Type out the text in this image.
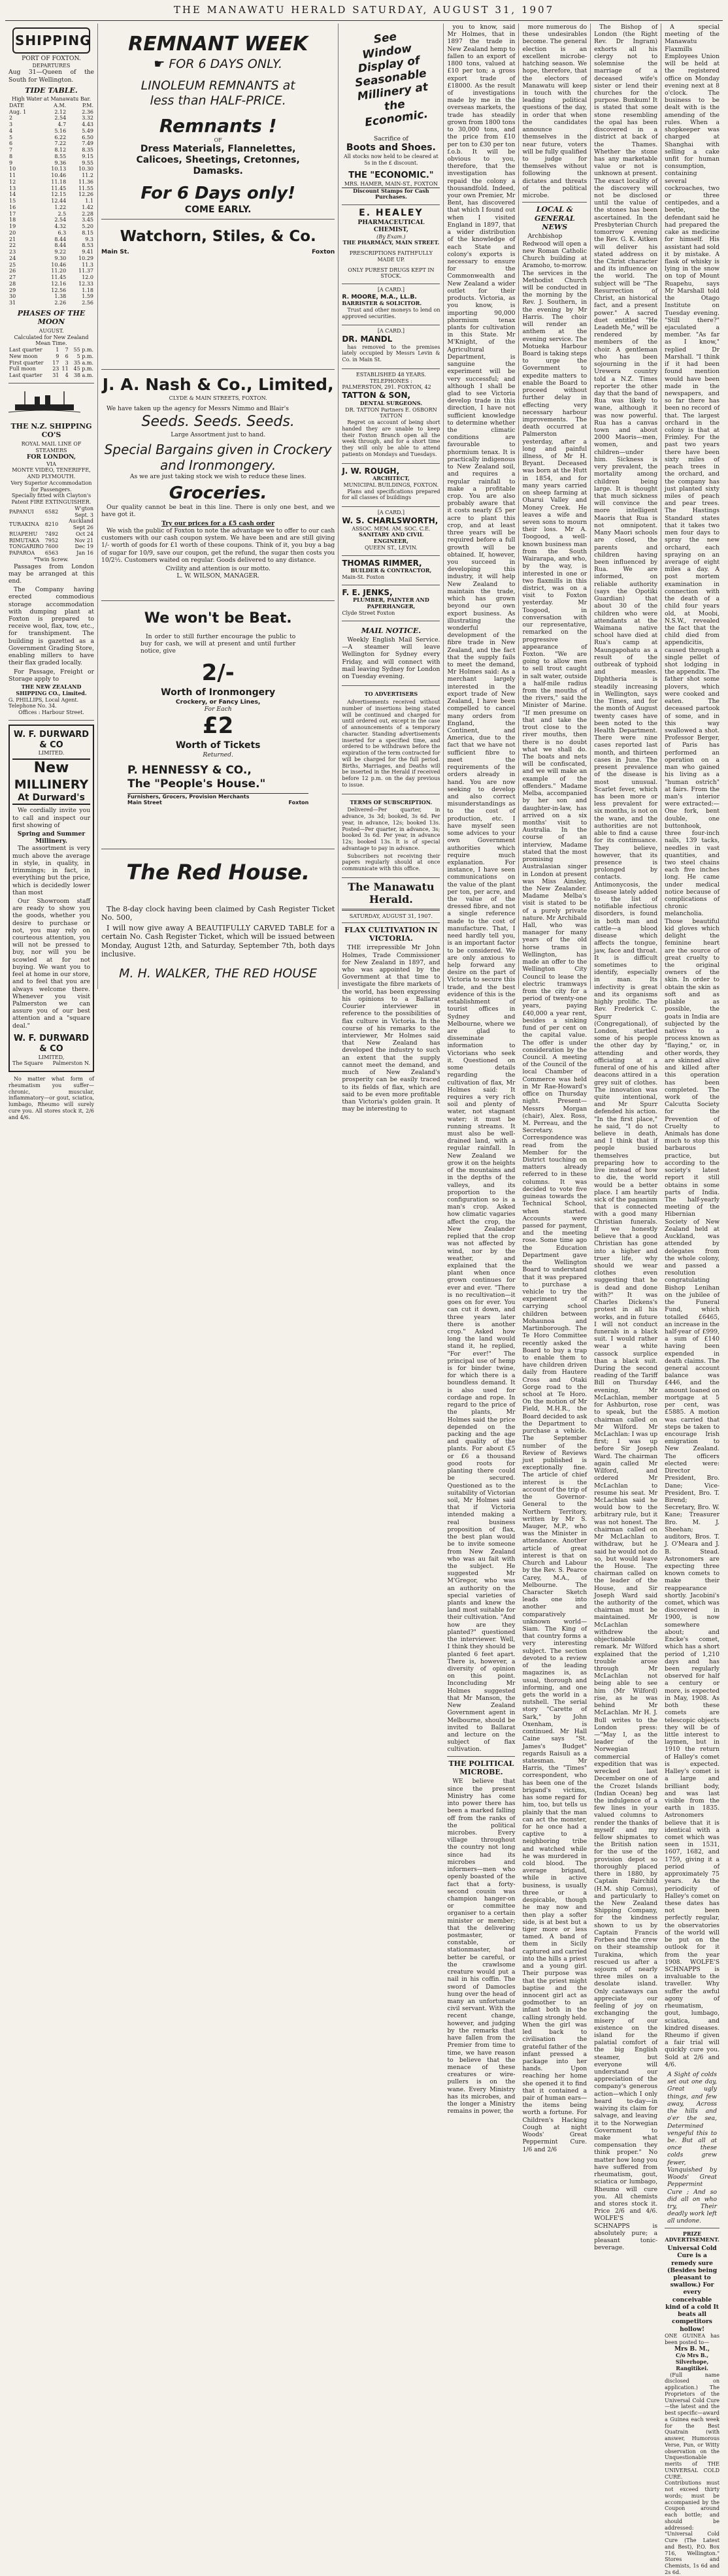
THE MANAWATU HERALD SATURDAY, AUGUST 31, 1907
SHIPPING
PORT OF FOXTON.
DEPARTURES
Aug 31—Queen of the South for Wellington.
TIDE TABLE.
High Water at Manawatu Bar.
DATE	A.M.	P.M.
Aug. 1	2.12	2.36
2	2.54	3.32
3	4.7	4.43
4	5.16	5.49
5	6.22	6.50
6	7.22	7.49
7	8.12	8.35
8	8.55	9.15
9	9.36	9.55
10	10.13	10.30
11	10.46	11.2
12	11.18	11.36
13	11.45	11.55
14	12.15	12.26
15	12.44	1.1
16	1.22	1.42
17	2.5	2.28
18	2.54	3.45
19	4.32	5.20
20	6.3	8.15
21	8.44	9.3
22	8.44	8.53
23	9.22	9.41
24	9.30	10.29
25	10.46	11.3
26	11.20	11.37
27	11.45	12.0
28	12.16	12.33
29	12.56	1.18
30	1.38	1.59
31	2.26	2.56
PHASES OF THE MOON
AUGUST.
Calculated for New Zealand Mean Time.
Last quarter	1	7	55 p.m.
New moon	9	6	5 p.m.
First quarter	17	3	35 a.m.
Full moon	23	11	45 p.m.
Last quarter	31	4	38 a.m.
THE N.Z. SHIPPING CO'S
ROYAL MAIL LINE OF STEAMERS
FOR LONDON,
VIA
MONTE VIDEO, TENERIFFE, AND PLYMOUTH.
Very Superior Accommodation for Passengers.
Specially fitted with Clayton's Patent FIRE EXTINGUISHER.
PAPANUI	6582	W'gton Sept. 3
TURAKINA	8210	Auckland Sept 26
RUAPEHU	7492	Oct 24
RIMUTAKA	7952	Nov 21
TONGARIRO	7600	Dec 19
PAPAROA	6563	Jan 16
*Twin Screw.

Passages from London may be arranged at this end.

The Company having erected commodious storage accommodation with dumping plant at Foxton is prepared to receive wool, flax, tow, etc., for transhipment. The building is gazetted as a Government Grading Store, enabling millers to have their flax graded locally.

For Passage, Freight or Storage apply to

THE NEW ZEALAND SHIPPING CO., Limited.
G. PHILLIPS, Local Agent.
Telephone No. 34.
Offices : Harbour Street.
W. F. DURWARD & CO
LIMITED.
New
MILLINERY
At Durward's

We cordially invite you to call and inspect our first showing of

Spring and Summer Millinery.

The assortment is very much above the average in style, in quality, in trimmings; in fact, in everything but the price, which is decidedly lower than most

Our Showroom staff are ready to show you the goods, whether you desire to purchase or not, you may rely on courteous attention, you will not be pressed to buy, nor will you be scowled at for not buying. We want you to feel at home in our store, and to feel that you are always welcome there. Whenever you visit Palmerston we can assure you of our best attention and a "square deal."

W. F. DURWARD & CO
LIMITED,
The Square Palmerston N.

No matter what form of rheumatism you suffer—chronic, muscular, inflammatory—or gout, sciatica, lumbago, Rheumo will surely cure you. All stores stock it, 2/6 and 4/6.

REMNANT WEEK
☛ FOR 6 DAYS ONLY.
LINOLEUM REMNANTS at less than HALF-PRICE.
Remnants !
OF
Dress Materials, Flannelettes, Calicoes, Sheetings, Cretonnes, Damasks.
For 6 Days only!
COME EARLY.
Watchorn, Stiles, & Co.
Main St.	Foxton
J. A. Nash & Co., Limited,
CLYDE & MAIN STREETS, FOXTON.

We have taken up the agency for Messrs Nimmo and Blair's

Seeds. Seeds. Seeds.
Large Assortment just to hand.
Special Bargains given in Crockery and Ironmongery.
As we are just taking stock we wish to reduce these lines.
Groceries.

Our quality cannot be beat in this line. There is only one best, and we have got it.

Try our prices for a £5 cash order

We wish the public of Foxton to note the advantage we to offer to our cash customers with our cash coupon system. We have been and are still giving 1/- worth of goods for £1 worth of these coupons. Think of it, you buy a bag of sugar for 10/9, save our coupon, get the refund, the sugar then costs you 10/2½. Customers waited on regular. Goods delivered to any distance.

Civility and attention is our motto.
L. W. WILSON, MANAGER.
We won't be Beat.

In order to still further encourage the public to buy for cash, we will at present and until further notice, give

2/-
Worth of Ironmongery
Crockery, or Fancy Lines,
For Each
£2
Worth of Tickets
Returned.
P. HENNESSY & CO.,
The "People's House."
Furnishers, Grocers, Provision Merchants
Main Street	Foxton
The Red House.

The 8-day clock having been claimed by Cash Register Ticket No. 500,

I will now give away A BEAUTIFULLY CARVED TABLE for a certain No. Cash Register Ticket, which will be issued between Monday, August 12th, and Saturday, September 7th, both days inclusive.

M. H. WALKER, THE RED HOUSE
See Window Display of Seasonable Millinery at the Economic.
Sacrifice of
Boots and Shoes.
All stocks now held to be cleared at 5s in the £ discount.
THE "ECONOMIC."
MRS. HAMER, MAIN-ST., FOXTON
Discount Stamps for Cash Purchases.
E. HEALEY
PHARMACEUTICAL CHEMIST,
(By Exam.)
THE PHARMACY, MAIN STREET.
PRESCRIPTIONS FAITHFULLY MADE UP.
ONLY PUREST DRUGS KEPT IN STOCK.
[A CARD.]
R. MOORE, M.A., LL.B.
BARRISTER & SOLICITOR.

Trust and other moneys to lend on approved securities.

[A CARD.]
DR. MANDL

has removed to the premises lately occupied by Messrs Levin & Co. in Main St.

ESTABLISHED 48 YEARS.
TELEPHONES :
PALMERSTON, 291. FOXTON, 42
TATTON & SON,
DENTAL SURGEONS.
DR. TATTON Partners E. OSBORN TATTON

Regret on account of being short handed they are unable to keep their Foxton Branch open all the week through, and for a short time they will only be able to attend patients on Mondays and Tuesdays.

J. W. ROUGH,
ARCHITECT,
MUNICIPAL BUILDINGS, FOXTON.

Plans and specifications prepared for all classes of buildings

[A CARD.]
W. S. CHARLSWORTH,
ASSOC. MEM. AM. SOC. C.E.
SANITARY AND CIVIL ENGINEER,
QUEEN ST., LEVIN.
THOMAS RIMMER,
BUILDER & CONTRACTOR,
Main-St. Foxton
F. E. JENKS,
PLUMBER, PAINTER AND PAPERHANGER,
Clyde Street Foxton
MAIL NOTICE.

Weekly English Mail Service.—A steamer will leave Wellington for Sydney every Friday, and will connect with mail leaving Sydney for London on Tuesday evening.

TO ADVERTISERS

Advertisements received without number of insertions being stated will be continued and charged for until ordered out, except in the case of announcements of a temporary character. Standing advertisements inserted for a specified time, and ordered to be withdrawn before the expiration of the term contracted for will be charged for the full period. Births, Marriages, and Deaths will be inserted in the Herald if received before 12 p.m. on the day previous to issue.

TERMS OF SUBSCRIPTION.

Delivered—Per quarter, in advance, 3s 3d; booked, 3s 6d. Per year, in advance, 12s; booked 13s. Posted—Per quarter, in advance, 3s; booked 3s 6d. Per year, in advance 12s; booked 13s. It is of special advantage to pay in advance.

Subscribers not receiving their papers regularly should at once communicate with this office.

The Manawatu Herald.
SATURDAY, AUGUST 31, 1907.
FLAX CULTIVATION IN VICTORIA.

THE irrepressible Mr John Holmes, Trade Commissioner for New Zealand in 1897, and who was appointed by the Government at that time to investigate the fibre markets of the world, has been expressing his opinions to a Ballarat Courier interviewer in reference to the possibilities of flax culture in Victoria. In the course of his remarks to the interviewer, Mr Holmes said that New Zealand has developed the industry to such an extent that the supply cannot meet the demand, and much of New Zealand's prosperity can be easily traced to its fields of flax, which are said to be even more profitable than Victoria's golden grain. It may be interesting to

you to know, said Mr Holmes, that in 1897 the trade in New Zealand hemp to fallen to an export of 1800 tons, valued at £10 per ton; a gross export trade of £18000. As the result of investigations made by me in the overseas markets, the trade has steadily grown from 1800 tons to 30,000 tons, and the price from £10 per ton to £30 per ton f.o.b. It will be obvious to you, therefore, that the investigation has repaid the colony a thousandfold. Indeed, your own Premier, Mr Bent, has discovered that which I found out when I visited England in 1897, that a wider distribution of the knowledge of each State and colony's exports is necessary to ensure for the Commonwealth and New Zealand a wider outlet for their products. Victoria, as you know, is importing 90,000 phormium tenax plants for cultivation in this State. Mr M'Knight, of the Agricultural Department, is sanguine the experiment will be very successful; and although I shall be glad to see Victoria develop trade in this direction, I have not sufficient knowledge to determine whether the climatic conditions are favourable to phormium tenax. It is practically indigenous to New Zealand soil, and requires a regular rainfall to make a profitable crop. You are also probably aware that it costs nearly £5 per acre to plant this crop, and at least three years will be required before a full growth will be obtained. If, however, you succeed in developing this industry, it will help New Zealand to maintain the trade, which has grown beyond our own export business. As illustrating the wonderful development of the fibre trade in New Zealand, and the fact that the supply fails to meet the demand, Mr Holmes said: As a merchant largely interested in the export trade of New Zealand, I have been compelled to cancel many orders from England, the Continent, and America, due to the fact that we have not sufficient fibre to meet the requirements of the orders already in hand. You are now seeking to develop and also correct misunderstandings as to the cost of production, etc. I have myself seen some advices to your own Government authorities which require much explanation. For instance, I have seen communications on the value of the plant per ton, per acre, and the value of the dressed fibre, and not a single reference made to the cost of manufacture. That, I need hardly tell you, is an important factor to be considered. We are only anxious to help forward any desire on the part of Victoria to secure this trade, and the best evidence of this is the establishment of tourist offices in Sydney and Melbourne, where we are glad to disseminate information to Victorians who seek it. Questioned on some details regarding the cultivation of flax, Mr Holmes said: It requires a very rich soil and plenty of water, not stagnant water; it must be running streams. It must also be well-drained land, with a regular rainfall. In New Zealand we grow it on the heights of the mountains and in the depths of the valleys, and its proportion to the configuration so is a man's crop. Asked how climatic vagaries affect the crop, the New Zealander replied that the crop was not affected by wind, nor by the weather, and explained that the plant when once grown continues for ever and ever. "There is no recultivation—it goes on for ever. You can cut it down, and three years later there is another crop." Asked how long the land would stand it, he replied, "For ever!" The principal use of hemp is for binder twine, for which there is a boundless demand. It is also used for cordage and rope. In regard to the price of the plants, Mr Holmes said the price depended on the packing and the age and quality of the plants. For about £5 or £6 a thousand good roots for planting there could be secured. Questioned as to the suitability of Victorian soil, Mr Holmes said that if Victoria intended making a real business proposition of flax, the best plan would be to invite someone from New Zealand who was au fait with the subject. He suggested Mr M'Gregor, who was an authority on the special varieties of plants and knew the land most suitable for their cultivation. "And how are they planted?" questioned the interviewer. Well, I think they should be planted 6 feet apart. There is, however, a diversity of opinion on this point. Inconcluding Mr Holmes suggested that Mr Manson, the New Zealand Government agent in Melbourne, should be invited to Ballarat and lecture on the subject of flax cultivation.

THE POLITICAL MICROBE.

WE believe that since the present Ministry has come into power there has been a marked falling off from the ranks of the political microbes. Every village throughout the country not long since had its microbes and informers—men who openly boasted of the fact that a forty-second cousin was champion hanger-on or committee organiser to a certain minister or member; that the delivering postmaster, or constable, or stationmaster, had better be careful, or the crawlsome creature would put a nail in his coffin. The sword of Damocles hung over the head of many an unfortunate civil servant. With the recent change, however, and judging by the remarks that have fallen from the Premier from time to time, we have reason to believe that the menace of these creatures or wire-pullers is on the wane. Every Ministry has its microbes, and the longer a Ministry remains in power, the

more numerous do these undesirables become. The general election is an excellent microbe-hatching season. We hope, therefore, that the electors of Manawatu will keep in touch with the leading political questions of the day, in order that when the candidates announce themselves in the near future, voters will be fully qualified to judge for themselves without following the dictates and threats of the political microbe.

LOCAL & GENERAL NEWS

Archbishop Redwood will open a new Roman Catholic Church building at Aramoho, to-morrow. The services in the Methodist Church will be conducted in the morning by the Rev. J. Southern, in the evening by Mr Harris. The choir will render an anthem at the evening service. The Motueka Harbour Board is taking steps to urge the Government to expedite matters to enable the Board to proceed without further delay in effecting very necessary harbour improvements. The death occurred at Palmerston yesterday, after a long and painful illness, of Mr H. Bryant. Deceased was born at the Hutt in 1854, and for many years carried on sheep farming at Oharui Valley and Money Creek. He leaves a wife and seven sons to mourn their loss. Mr A. Toogood, a well-known business man from the South Wairarapa, and who, by the way, is interested in one or two flaxmills in this district, was on a visit to Foxton yesterday. Mr Toogood, in conversation with our representative, remarked on the progressive appearance of Foxton. "We are going to allow men to sell trout caught in salt water, outside a half-mile radius from the mouths of the rivers," said the Minister of Marine. "If men presume on that and take the trout close to the river mouths, then there is no doubt what we shall do. The boats and nets will be confiscated, and we will make an example of the offenders." Madame Melba, accompanied by her son and daughter-in-law, has arrived on a six months' visit to Australia. In the course of an interview, Madame stated that the most promising Australasian singer in London at present was Miss Ainsley, the New Zealander. Madame Melba's visit is stated to be of a purely private nature. Mr Archibald Hall, who was manager for many years of the old horse trams in Wellington, has made an offer to the Wellington City Council to lease the electric tramways from the city for a period of twenty-one years, paying £40,000 a year rent, besides a sinking fund of per cent on the capital value. The offer is under consideration by the Council. A meeting of the Council of the local Chamber of Commerce was held in Mr Rae-Howard's office on Thursday night. Present—Messrs Morgan (chair), Alex. Ross, M. Perreau, and the Secretary. Correspondence was read from the Member for the District touching on matters already referred to in these columns. It was decided to vote five guineas towards the Technical School, when started. Accounts were passed for payment, and the meeting rose. Some time ago the Education Department gave the Wellington Board to understand that it was prepared to purchase a vehicle to try the experiment of carrying school children between Mohaunoa and Martinborough. The Te Horo Committee recently asked the Board to buy a trap to enable them to have children driven daily from Hautere Cross and Otaki Gorge road to the school at Te Horo. On the motion of Mr Field, M.H.R., the Board decided to ask the Department to purchase a vehicle. The September number of the Review of Reviews just published is exceptionally fine. The article of chief interest is the account of the trip of the Governor-General to the Northern Territory, written by Mr S. Mauger, M.P., who was the Minister in attendance. Another article of great interest is that on Church and Labour by the Rev. S. Pearce Carey, M.A., of Melbourne. The Character Sketch leads one into another and comparatively unknown world—Siam. The King of that country forms a very interesting subject. The section devoted to a review of the leading magazines is, as usual, thorough and informing, and one gets the world in a nutshell. The serial story "Carette of Sark," by John Oxenham, is continued. Mr Hall Caine says "St. James's Budget" regards Raisuli as a statesman. Mr Harris, the "Times" correspondent, who has been one of the brigand's victims, has some regard for him, too, but tells us plainly that the man can act the monster, for he once had a captive to a neighboring tribe and watched while he was murdered in cold blood. The average brigand, while in active business, is usually three or a despicable, though he may now and then play a softer side, is at best but a tiger more or less tamed. A band of them in Sicily captured and carried into the hills a priest and a young girl. Their purpose was that the priest might baptise and the innocent girl act as godmother to an infant both in the calling strongly held. When the girl was led back to civilisation the grateful father of the infant pressed a package into her hands. Upon reaching her home she opened it to find that it contained a pair of human ears—the items being worth a fortune. For Children's Hacking Cough at night Woods' Great Peppermint Cure. 1/6 and 2/6

The Bishop of London (the Right Rev. Dr Ingram) exhorts all his clergy not to solemnise the marriage of a deceased wife's sister or lend their churches for the purpose. Bunkum! It is stated that some stone resembling the opal has been discovered in a district at back of the Thames. Whether the stone has any marketable value or not is unknown at present. The exact locality of the discovery will not be disclosed until the value of the stones has been ascertained. In the Presbyterian Church tomorrow evening the Rev. G. K. Aitken will deliver his stated address on the Christ character and its influence on the world. The subject will be "The Resurrection of Christ, an historical fact, and a present power." A sacred duet entitled "He Leadeth Me," will be rendered by members of the choir. A gentleman who has been sojourning in the Urewera country told a N.Z. Times reporter the other day that the band of Rua was likely to wane, although it was now powerful. Rua has a canvas town and about 2000 Maoris—men, women, and children—under him. Sickness is very prevalent, the mortality among children being large. It is thought that much sickness will convince the more intelligent Maoris that Rua is not omnipotent. Many Maori schools are closed, the parents and children having been influenced by Rua. We are informed, on reliable authority (says the Opotiki Guardian) that about 30 of the children who were attendants at the Waimana native school have died at Rua's camp at Maungapohatu as a result of the outbreak of typhoid and measles. Diphtheria is steadily increasing in Wellington, says the Times, and for the month of August twenty cases have been noted to the Health Department. There were nine cases reported last month, and thirteen cases in June. The present prevalence of the disease is most unusual. Scarlet fever, which has been more or less prevalent for six months, is not on the wane, and the authorities are not able to find a cause for its continuance. They believe, however, that its presence is prolonged by contacts. Antimonycosis, the disease lately added to the list of notifiable infectious disorders, is found in both man and cattle—a blood disease which affects the tongue, jaw, face and throat. It is difficult sometimes to identify, especially in man. Its infectivity is great and its organisms highly prolific. The Rev. Frederick C. Spurr (Congregational), of London, startled some of his people the other day by attending and officiating at a funeral of one of his deacons attired in a grey suit of clothes. The innovation was quite intentional, and Mr Spurr defended his action. "In the first place," he said, "I do not believe in death, and I think that if people busied themselves preparing how to live instead of how to die, the world would be a better place. I am heartily sick of the paganism that is connected with a good many Christian funerals. If we honestly believe that a good Christian has gone into a higher and truer life, why should we wear clothes even suggesting that he is dead and done with?" It was Charles Dickens's protest in all his works, and in future I will not conduct funerals in a black suit. I would rather wear a white cassock surplice than a black suit. During the second reading of the Tariff Bill on Thursday evening, Mr McLachlan, member for Ashburton, rose to speak, but the chairman called on Mr Wilford. Mr McLachlan: I was up first; I was up before Sir Joseph Ward. The chairman again called Mr Wilford, and ordered Mr McLachlan to resume his seat. Mr McLachlan said he would bow to the arbitrary rule, but it was not honest. The chairman called on Mr McLachlan to withdraw, but he said he would not do so, but would leave the House. The chairman called on the leader of the House, and Sir Joseph Ward said the authority of the chairman must be maintained. Mr McLachlan withdrew the objectionable remark. Mr Wilford explained that the trouble arose through Mr McLachlan not being able to see him (Mr Wilford) rise, as he was behind Mr McLachlan. Mr H. J. Bull writes to the London press:—"May I, as the leader of the Norwegian commercial expedition that was wrecked last December on one of the Crozet Islands (Indian Ocean) beg the indulgence of a few lines in your valued columns to render the thanks of myself and my fellow shipmates to the British nation for the use of the provision depot so thoroughly placed there in 1880, by Captain Fairchild (H.M. ship Comus), and particularly to the New Zealand Shipping Company, for the kindness shown to us by Captain Francis Forbes and the crew on their steamship Turakina, which rescued us after a sojourn of nearly three miles on a desolate island. Only castaways can appreciate our feeling of joy on exchanging the misery of our existence on the island for the palatial comfort of the big English steamer, but everyone will understand our appreciation of the company's generous action—which I only heard to-day—in waiving its claim for salvage, and leaving it to the Norwegian Government to make what compensation they think proper." No matter how long you have suffered from rheumatism, gout, sciatica or lumbago, Rheumo will cure you. All chemists and stores stock it. Price 2/6 and 4/6. WOLFE'S SCHNAPPS is absolutely pure; a pleasant tonic-beverage.

A special meeting of the Manawatu Flaxmills Employees Union will be held at the registered office on Monday evening next at 8 o'clock. The business to be dealt with is the amending of the rules. When a shopkeeper was charged at Shanghai with selling a cake unfit for human consumption, containing several cockroaches, two or three centipedes, and a beetle, the defendant said he had prepared the cake as medicine for himself. His assistant had sold it by mistake. A flask of whisky is lying in the snow on top of Mount Ruapehu, says Mr Marshall told the Otago Institute on Tuesday evening. "Still there?" ejaculated a member. "As far as I know," replied Dr Marshall. "I think if it had been found mention would have been made in the newspapers, and so far there has been no record of that. The largest orchard in the colony is that at Frimley. For the past two years there have been sixty miles of peach trees in the orchard, and the company has just planted sixty miles of peach and pear trees. The Hastings Standard states that it takes two men four days to spray the new orchard, each spraying on an average of eight miles a day. A post mortem examination in connection with the death of a child four years old, at Moobi, N.S.W., revealed the fact that the child died from appendicitis, caused through a single pellet of shot lodging in the appendix. The father shot some plovers, which were cooked and eaten. The deceased partook of some, and in this way swallowed a shot. Professor Berger, of Paris has performed an operation on a man who gained his living as a "human ostrich" at fairs. From the man's interior were extracted:—One fork, bent double, one buttonhook, three four-inch nails, 139 tacks, needles in vast quantities, and two steel chains each five inches long. He came under medical notice because of complications of chronic melancholia. Those beautiful kid gloves which delight the feminine heart are the source of great cruelty to the original owners of the skin. In order to obtain the skin as soft and as pliable as possible, the goats in India are subjected by the natives to a process known as "flaying," or, in other words, they are skinned alive and killed after this operation has been completed. The work of the Calcutta Society for the Prevention of Cruelty to Animals has done much to stop this barbarous practice, but according to the society's latest report it still obtains in some parts of India. The half-yearly meeting of the Hibernian Society of New Zealand held at Auckland, was attended by delegates from the whole colony, and passed a resolution congratulating Bishop Lenihan on the jubilee of the Funeral Fund, which totalled £6465, an increase in the half-year of £999, a sum of £140 having been expended in death claims. The general account balance was £446, and the amount loaned on mortgage at 5 per cent, was £5885. A motion was carried that steps be taken to encourage Irish emigration to New Zealand. The officers elected were: Director President, Bro. Dane; Vice-President, Bro. T. Birend; Secretary, Bro. W. Kane; Treasurer Bro. M. J. Sheehan; auditors, Bros. T. J. O'Meara and J. B. Stead. Astronomers are expecting three known comets to make their reappearance shortly. Jacobini's comet, which was discovered in 1900, is now somewhere about; and Encke's comet, which has a short period of 1,210 days and has been regularly observed for half a century or more, is expected in May, 1908. As both these comets are telescopic objects they will be of little interest to laymen, but in 1910 the return of Halley's comet is expected. Halley's comet is a large and brilliant body, and was last visible from the earth in 1835. Astronomers believe that it is identical with a comet which was seen in 1531, 1607, 1682, and 1759, giving it a period of approximately 75 years. As the periodicity of Halley's comet on these dates has not been perfectly regular, the observatories of the world will be put on the outlook for it from the year 1908. WOLFE'S SCHNAPPS is invaluable to the traveller. Why suffer the awful agony of rheumatism, gout, lumbago, sciatica, and kindred diseases. Rheumo if given a fair trial will quickly cure you. Sold at 2/6 and 4/6.

A Sight of colds set out one day, Great ugly things, and few away, Across the hills and o'er the sea, Determined vengeful this to be. But all at once these colds grew fewer, Vanquished by Woods' Great Peppermint Cure ; And so did all on who try, Their deadly work left all undone.

PRIZE ADVERTISEMENT.

Universal Cold Cure is a remedy sure (Besides being pleasant to swallow.) For every conceivable kind of a cold It beats all competitors hollow!

ONE GUINEA has been posted to—

Mrs B. M.,

C/o Mrs B., Silverhope, Rangitikei.

(Full name disclosed on application.) The Proprietors of the Universal Cold Cure—the latest and the best specific—award a Guinea each week for the Best Quatrain (with answer, Humorous Verse, Pun, or Witty observation on the Unquestionable merits of THE UNIVERSAL COLD CURE. Contributions must not exceed thirty words; must be accompanied by the Coupon around each bottle; and should be addressed: "Universal Cold Cure (The Latest and Best), P.O. Box 716, Wellington." Stores and Chemists, 1s 6d and 2s 6d.
